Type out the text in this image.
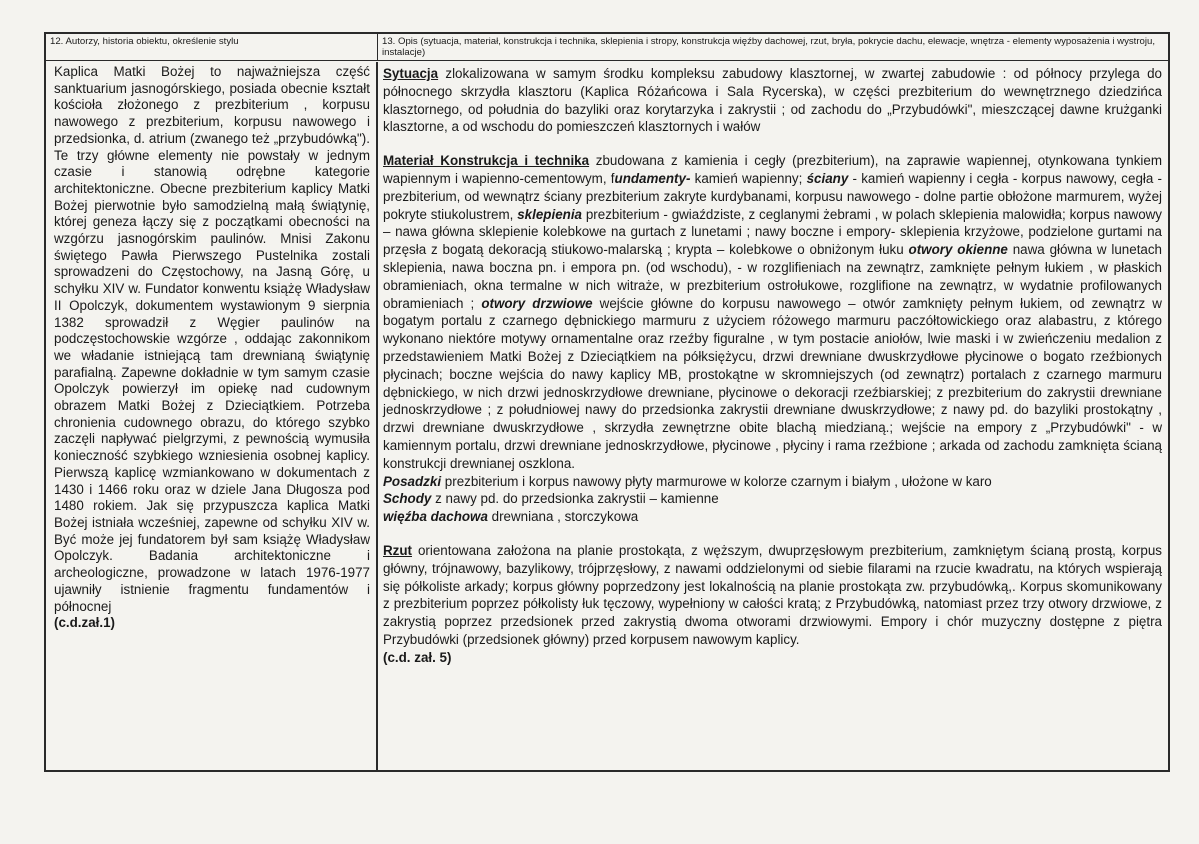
12. Autorzy, historia obiektu, określenie stylu	13. Opis (sytuacja, materiał, konstrukcja i technika, sklepienia i stropy, konstrukcja więźby dachowej, rzut, bryła, pokrycie dachu, elewacje, wnętrza - elementy wyposażenia i wystroju, instalacje)

Kaplica Matki Bożej to najważniejsza część sanktuarium jasnogórskiego, posiada obecnie kształt kościoła złożonego z prezbiterium , korpusu nawowego z prezbiterium, korpusu nawowego i przedsionka, d. atrium (zwanego też „przybudówką"). Te trzy główne elementy nie powstały w jednym czasie i stanowią odrębne kategorie architektoniczne. Obecne prezbiterium kaplicy Matki Bożej pierwotnie było samodzielną małą świątynię, której geneza łączy się z początkami obecności na wzgórzu jasnogórskim paulinów. Mnisi Zakonu świętego Pawła Pierwszego Pustelnika zostali sprowadzeni do Częstochowy, na Jasną Górę, u schyłku XIV w. Fundator konwentu książę Władysław II Opolczyk, dokumentem wystawionym 9 sierpnia 1382 sprowadził z Węgier paulinów na podczęstochowskie wzgórze , oddając zakonnikom we władanie istniejącą tam drewnianą świątynię parafialną. Zapewne dokładnie w tym samym czasie Opolczyk powierzył im opiekę nad cudownym obrazem Matki Bożej z Dzieciątkiem. Potrzeba chronienia cudownego obrazu, do którego szybko zaczęli napływać pielgrzymi, z pewnością wymusiła konieczność szybkiego wzniesienia osobnej kaplicy. Pierwszą kaplicę wzmiankowano w dokumentach z 1430 i 1466 roku oraz w dziele Jana Długosza pod 1480 rokiem. Jak się przypuszcza kaplica Matki Bożej istniała wcześniej, zapewne od schyłku XIV w. Być może jej fundatorem był sam książę Władysław Opolczyk. Badania architektoniczne i archeologiczne, prowadzone w latach 1976-1977 ujawniły istnienie fragmentu fundamentów i północnej

(c.d.zał.1)

Sytuacja zlokalizowana w samym środku kompleksu zabudowy klasztornej, w zwartej zabudowie : od północy przylega do północnego skrzydła klasztoru (Kaplica Różańcowa i Sala Rycerska), w części prezbiterium do wewnętrznego dziedzińca klasztornego, od południa do bazyliki oraz korytarzyka i zakrystii ; od zachodu do „Przybudówki", mieszczącej dawne krużganki klasztorne, a od wschodu do pomieszczeń klasztornych i wałów

Materiał Konstrukcja i technika zbudowana z kamienia i cegły (prezbiterium), na zaprawie wapiennej, otynkowana tynkiem wapiennym i wapienno-cementowym, fundamenty- kamień wapienny; ściany - kamień wapienny i cegła - korpus nawowy, cegła - prezbiterium, od wewnątrz ściany prezbiterium zakryte kurdybanami, korpusu nawowego - dolne partie obłożone marmurem, wyżej pokryte stiukolustrem, sklepienia prezbiterium - gwiaździste, z ceglanymi żebrami , w polach sklepienia malowidła; korpus nawowy – nawa główna sklepienie kolebkowe na gurtach z lunetami ; nawy boczne i empory- sklepienia krzyżowe, podzielone gurtami na przęsła z bogatą dekoracją stiukowo-malarską ; krypta – kolebkowe o obniżonym łuku otwory okienne nawa główna w lunetach sklepienia, nawa boczna pn. i empora pn. (od wschodu), - w rozglifieniach na zewnątrz, zamknięte pełnym łukiem , w płaskich obramieniach, okna termalne w nich witraże, w prezbiterium ostrołukowe, rozglifione na zewnątrz, w wydatnie profilowanych obramieniach ; otwory drzwiowe wejście główne do korpusu nawowego – otwór zamknięty pełnym łukiem, od zewnątrz w bogatym portalu z czarnego dębnickiego marmuru z użyciem różowego marmuru paczółtowickiego oraz alabastru, z którego wykonano niektóre motywy ornamentalne oraz rzeźby figuralne , w tym postacie aniołów, lwie maski i w zwieńczeniu medalion z przedstawieniem Matki Bożej z Dzieciątkiem na półksiężycu, drzwi drewniane dwuskrzydłowe płycinowe o bogato rzeźbionych płycinach; boczne wejścia do nawy kaplicy MB, prostokątne w skromniejszych (od zewnątrz) portalach z czarnego marmuru dębnickiego, w nich drzwi jednoskrzydłowe drewniane, płycinowe o dekoracji rzeźbiarskiej; z prezbiterium do zakrystii drewniane jednoskrzydłowe ; z południowej nawy do przedsionka zakrystii drewniane dwuskrzydłowe; z nawy pd. do bazyliki prostokątny , drzwi drewniane dwuskrzydłowe , skrzydła zewnętrzne obite blachą miedzianą.; wejście na empory z „Przybudówki" - w kamiennym portalu, drzwi drewniane jednoskrzydłowe, płycinowe , płyciny i rama rzeźbione ; arkada od zachodu zamknięta ścianą konstrukcji drewnianej oszklona.

Posadzki prezbiterium i korpus nawowy płyty marmurowe w kolorze czarnym i białym , ułożone w karo

Schody z nawy pd. do przedsionka zakrystii – kamienne

więźba dachowa drewniana , storczykowa

Rzut orientowana założona na planie prostokąta, z węższym, dwuprzęsłowym prezbiterium, zamkniętym ścianą prostą, korpus główny, trójnawowy, bazylikowy, trójprzęsłowy, z nawami oddzielonymi od siebie filarami na rzucie kwadratu, na których wspierają się półkoliste arkady; korpus główny poprzedzony jest lokalnością na planie prostokąta zw. przybudówką,. Korpus skomunikowany z prezbiterium poprzez półkolisty łuk tęczowy, wypełniony w całości kratą; z Przybudówką, natomiast przez trzy otwory drzwiowe, z zakrystią poprzez przedsionek przed zakrystią dwoma otworami drzwiowymi. Empory i chór muzyczny dostępne z piętra Przybudówki (przedsionek główny) przed korpusem nawowym kaplicy.

(c.d. zał. 5)
